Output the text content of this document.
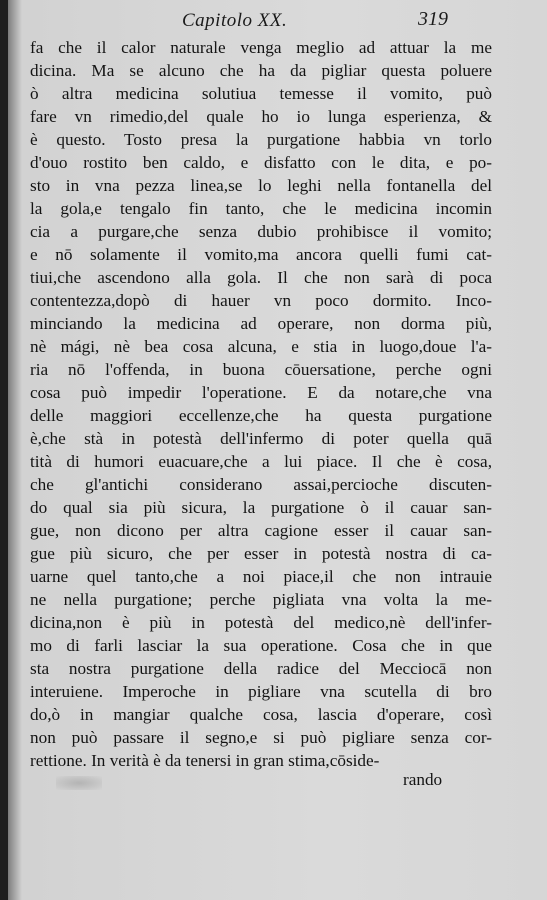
Capitolo XX.	319
fa che il calor naturale venga meglio ad attuar la me
dicina. Ma se alcuno che ha da pigliar questa poluere
ò altra medicina solutiua temesse il vomito, può
fare vn rimedio,del quale ho io lunga esperienza, &
è questo. Tosto presa la purgatione habbia vn torlo
d'ouo rostito ben caldo, e disfatto con le dita, e po-
sto in vna pezza linea,se lo leghi nella fontanella del
la gola,e tengalo fin tanto, che le medicina incomin
cia a purgare,che senza dubio prohibisce il vomito;
e nō solamente il vomito,ma ancora quelli fumi cat-
tiui,che ascendono alla gola. Il che non sarà di poca
contentezza,dopò di hauer vn poco dormito. Inco-
minciando la medicina ad operare, non dorma più,
nè mági, nè bea cosa alcuna, e stia in luogo,doue l'a-
ria nō l'offenda, in buona cōuersatione, perche ogni
cosa può impedir l'operatione. E da notare,che vna
delle maggiori eccellenze,che ha questa purgatione
è,che stà in potestà dell'infermo di poter quella quā
tità di humori euacuare,che a lui piace. Il che è cosa,
che gl'antichi considerano assai,percioche discuten-
do qual sia più sicura, la purgatione ò il cauar san-
gue, non dicono per altra cagione esser il cauar san-
gue più sicuro, che per esser in potestà nostra di ca-
uarne quel tanto,che a noi piace,il che non intrauie
ne nella purgatione; perche pigliata vna volta la me-
dicina,non è più in potestà del medico,nè dell'infer-
mo di farli lasciar la sua operatione. Cosa che in que
sta nostra purgatione della radice del Mecciocā non
interuiene. Imperoche in pigliare vna scutella di bro
do,ò in mangiar qualche cosa, lascia d'operare, così
non può passare il segno,e si può pigliare senza cor-
rettione. In verità è da tenersi in gran stima,cōside-
rando
